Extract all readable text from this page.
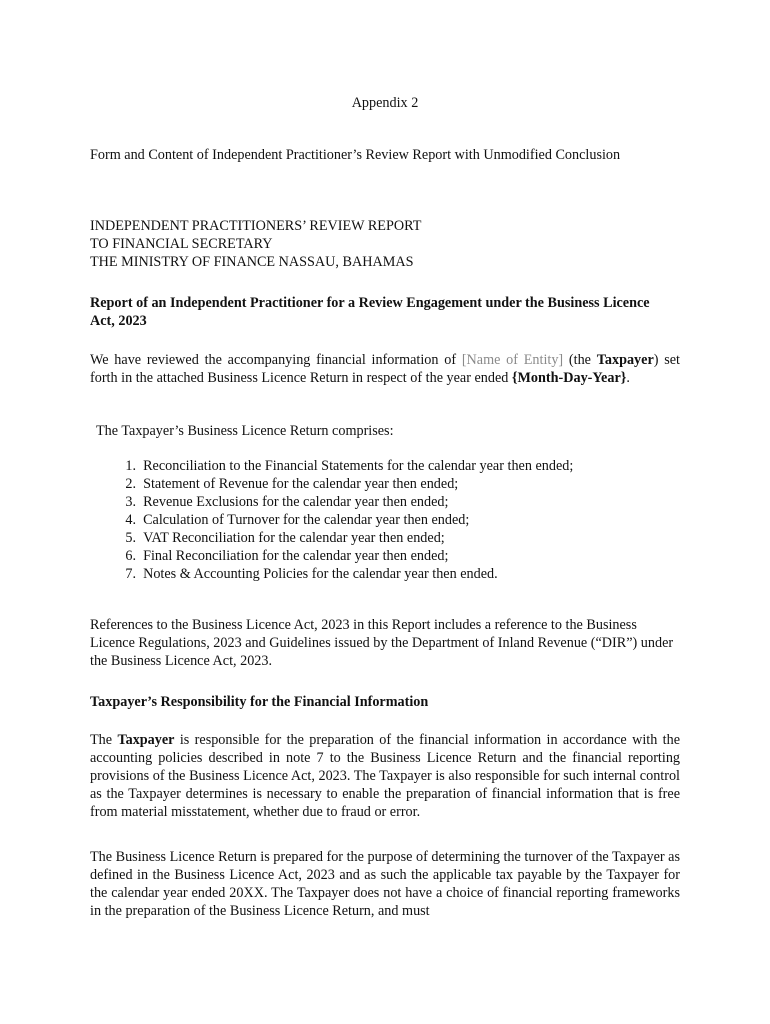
Appendix 2
Form and Content of Independent Practitioner’s Review Report with Unmodified Conclusion
INDEPENDENT PRACTITIONERS’ REVIEW REPORT
TO FINANCIAL SECRETARY
THE MINISTRY OF FINANCE NASSAU, BAHAMAS
Report of an Independent Practitioner for a Review Engagement under the Business Licence Act, 2023
We have reviewed the accompanying financial information of [Name of Entity] (the Taxpayer) set forth in the attached Business Licence Return in respect of the year ended {Month-Day-Year}.
The Taxpayer’s Business Licence Return comprises:
1.
Reconciliation to the Financial Statements for the calendar year then ended;
2.
Statement of Revenue for the calendar year then ended;
3.
Revenue Exclusions for the calendar year then ended;
4.
Calculation of Turnover for the calendar year then ended;
5.
VAT Reconciliation for the calendar year then ended;
6.
Final Reconciliation for the calendar year then ended;
7.
Notes & Accounting Policies for the calendar year then ended.
References to the Business Licence Act, 2023 in this Report includes a reference to the Business Licence Regulations, 2023 and Guidelines issued by the Department of Inland Revenue (“DIR”) under the Business Licence Act, 2023.
Taxpayer’s Responsibility for the Financial Information
The Taxpayer is responsible for the preparation of the financial information in accordance with the accounting policies described in note 7 to the Business Licence Return and the financial reporting provisions of the Business Licence Act, 2023. The Taxpayer is also responsible for such internal control as the Taxpayer determines is necessary to enable the preparation of financial information that is free from material misstatement, whether due to fraud or error.
The Business Licence Return is prepared for the purpose of determining the turnover of the Taxpayer as defined in the Business Licence Act, 2023 and as such the applicable tax payable by the Taxpayer for the calendar year ended 20XX. The Taxpayer does not have a choice of financial reporting frameworks in the preparation of the Business Licence Return, and must
